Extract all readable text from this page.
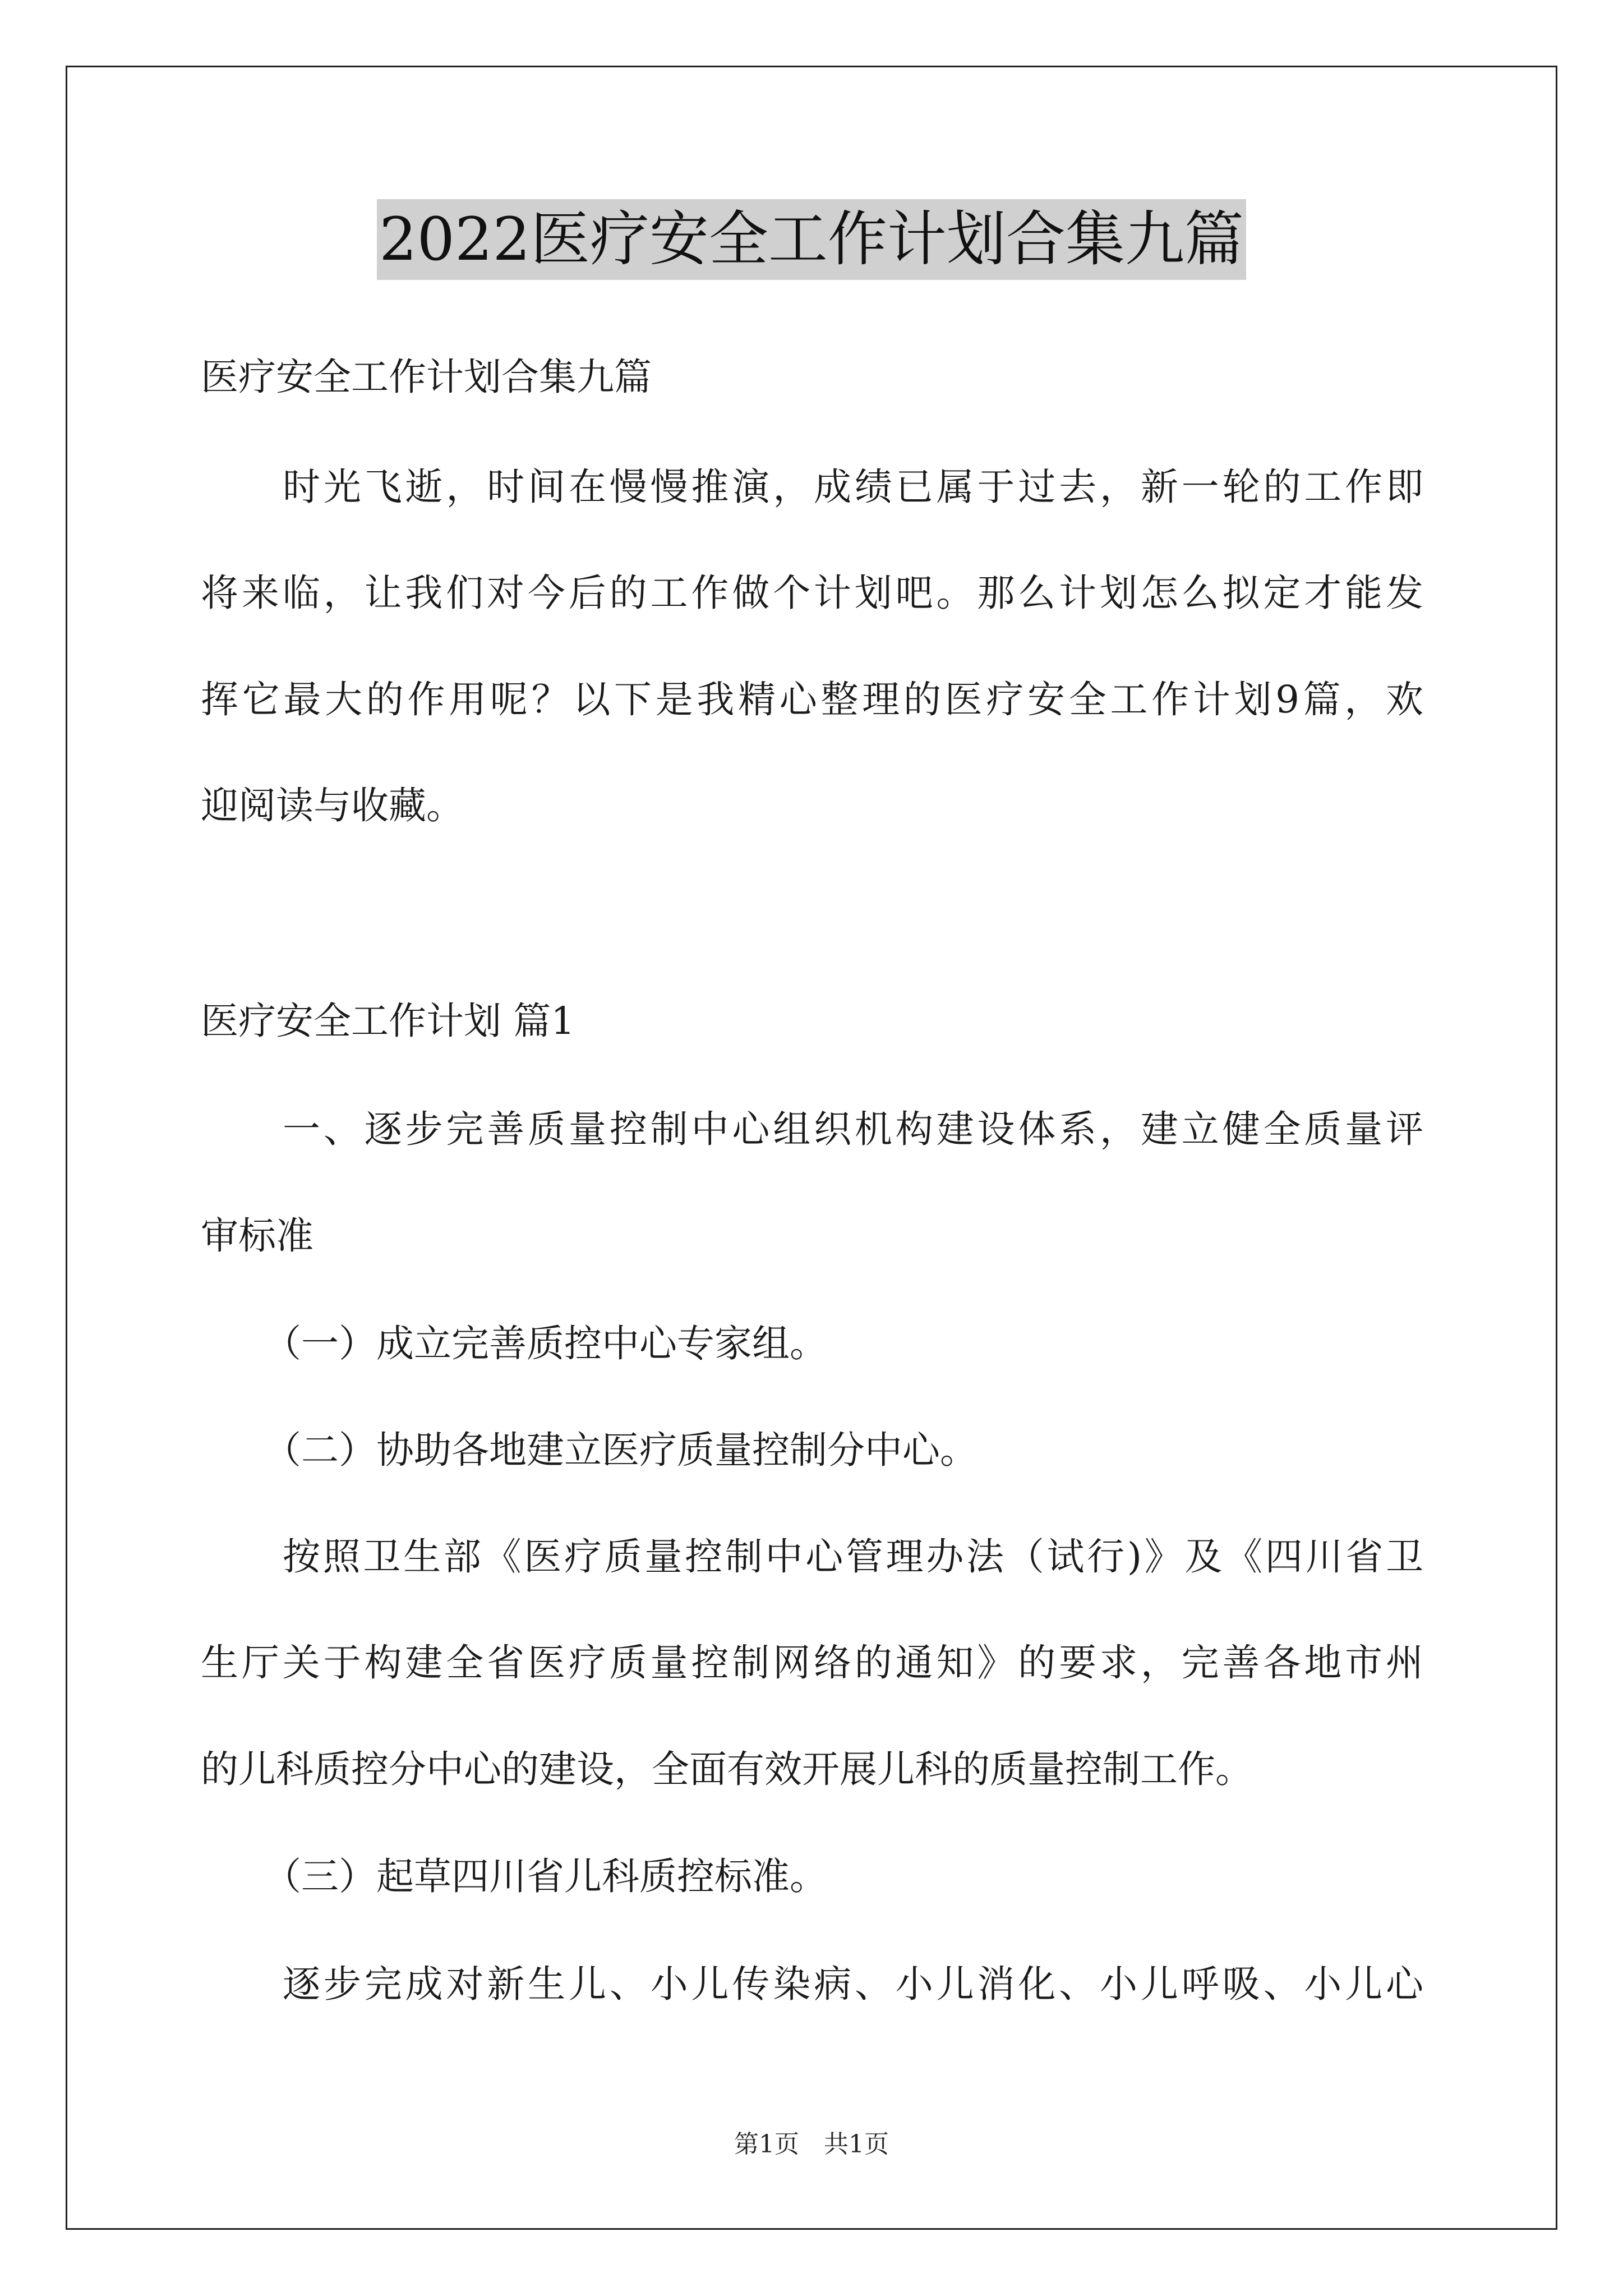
2022医疗安全工作计划合集九篇
医疗安全工作计划合集九篇
时光飞逝，时间在慢慢推演，成绩已属于过去，新一轮的工作即
将来临，让我们对今后的工作做个计划吧。那么计划怎么拟定才能发
挥它最大的作用呢？以下是我精心整理的医疗安全工作计划9篇，欢
迎阅读与收藏。
医疗安全工作计划 篇1
一、逐步完善质量控制中心组织机构建设体系，建立健全质量评
审标准
（一）成立完善质控中心专家组。
（二）协助各地建立医疗质量控制分中心。
按照卫生部《医疗质量控制中心管理办法（试行)》及《四川省卫
生厅关于构建全省医疗质量控制网络的通知》的要求，完善各地市州
的儿科质控分中心的建设，全面有效开展儿科的质量控制工作。
（三）起草四川省儿科质控标准。
逐步完成对新生儿、小儿传染病、小儿消化、小儿呼吸、小儿心
第1页　共1页
